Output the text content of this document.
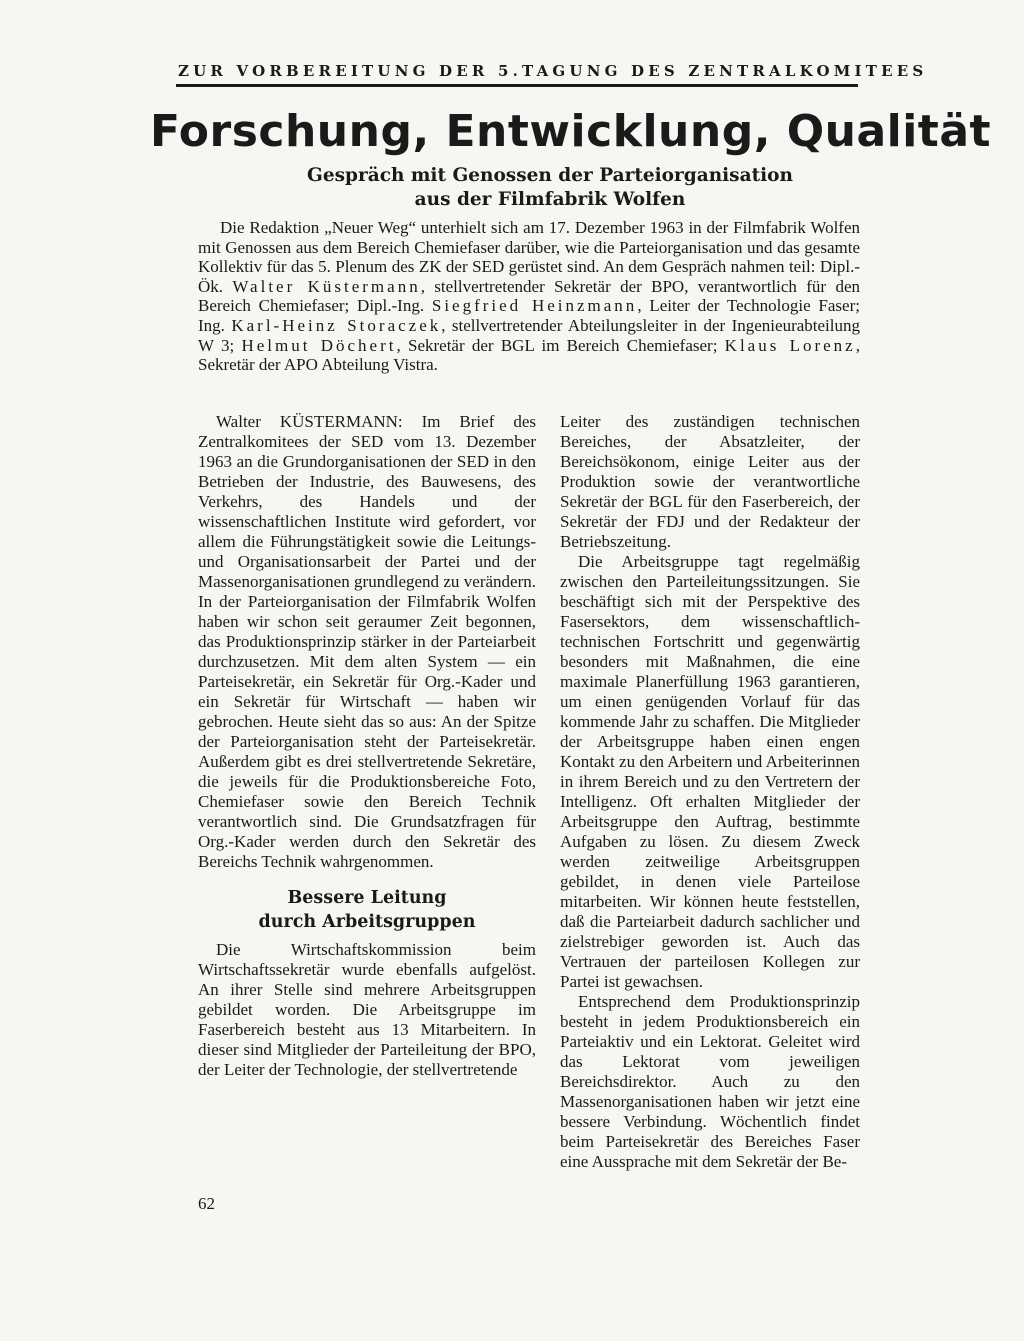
ZUR VORBEREITUNG DER 5.TAGUNG DES ZENTRALKOMITEES
Forschung, Entwicklung, Qualität
Gespräch mit Genossen der Parteiorganisation
aus der Filmfabrik Wolfen
Die Redaktion „Neuer Weg“ unterhielt sich am 17. Dezember 1963 in der Filmfabrik Wolfen mit Genossen aus dem Bereich Chemiefaser darüber, wie die Parteiorganisation und das gesamte Kollektiv für das 5. Plenum des ZK der SED gerüstet sind. An dem Gespräch nahmen teil: Dipl.-Ök. Walter Küstermann, stellvertretender Sekretär der BPO, verantwortlich für den Bereich Chemiefaser; Dipl.-Ing. Siegfried Heinzmann, Leiter der Technologie Faser; Ing. Karl-Heinz Storaczek, stellvertretender Abteilungsleiter in der Ingenieurabteilung W 3; Helmut Döchert, Sekretär der BGL im Bereich Chemiefaser; Klaus Lorenz, Sekretär der APO Abteilung Vistra.

Walter KÜSTERMANN: Im Brief des Zentralkomitees der SED vom 13. Dezember 1963 an die Grundorganisationen der SED in den Betrieben der Industrie, des Bauwesens, des Verkehrs, des Handels und der wissenschaftlichen Institute wird gefordert, vor allem die Führungstätigkeit sowie die Leitungs- und Organisationsarbeit der Partei und der Massenorganisationen grundlegend zu verändern. In der Parteiorganisation der Filmfabrik Wolfen haben wir schon seit geraumer Zeit begonnen, das Produktionsprinzip stärker in der Parteiarbeit durchzusetzen. Mit dem alten System — ein Parteisekretär, ein Sekretär für Org.-Kader und ein Sekretär für Wirtschaft — haben wir gebrochen. Heute sieht das so aus: An der Spitze der Parteiorganisation steht der Parteisekretär. Außerdem gibt es drei stellvertretende Sekretäre, die jeweils für die Produktionsbereiche Foto, Chemiefaser sowie den Bereich Technik verantwortlich sind. Die Grundsatzfragen für Org.-Kader werden durch den Sekretär des Bereichs Technik wahrgenommen.

Bessere Leitung
durch Arbeitsgruppen

Die Wirtschaftskommission beim Wirtschaftssekretär wurde ebenfalls aufgelöst. An ihrer Stelle sind mehrere Arbeitsgruppen gebildet worden. Die Arbeitsgruppe im Faserbereich besteht aus 13 Mitarbeitern. In dieser sind Mitglieder der Parteileitung der BPO, der Leiter der Technologie, der stellvertretende

Leiter des zuständigen technischen Bereiches, der Absatzleiter, der Bereichsökonom, einige Leiter aus der Produktion sowie der verantwortliche Sekretär der BGL für den Faserbereich, der Sekretär der FDJ und der Redakteur der Betriebszeitung.

Die Arbeitsgruppe tagt regelmäßig zwischen den Parteileitungssitzungen. Sie beschäftigt sich mit der Perspektive des Fasersektors, dem wissenschaftlich-technischen Fortschritt und gegenwärtig besonders mit Maßnahmen, die eine maximale Planerfüllung 1963 garantieren, um einen genügenden Vorlauf für das kommende Jahr zu schaffen. Die Mitglieder der Arbeitsgruppe haben einen engen Kontakt zu den Arbeitern und Arbeiterinnen in ihrem Bereich und zu den Vertretern der Intelligenz. Oft erhalten Mitglieder der Arbeitsgruppe den Auftrag, bestimmte Aufgaben zu lösen. Zu diesem Zweck werden zeitweilige Arbeitsgruppen gebildet, in denen viele Parteilose mitarbeiten. Wir können heute feststellen, daß die Parteiarbeit dadurch sachlicher und zielstrebiger geworden ist. Auch das Vertrauen der parteilosen Kollegen zur Partei ist gewachsen.

Entsprechend dem Produktionsprinzip besteht in jedem Produktionsbereich ein Parteiaktiv und ein Lektorat. Geleitet wird das Lektorat vom jeweiligen Bereichsdirektor. Auch zu den Massenorganisationen haben wir jetzt eine bessere Verbindung. Wöchentlich findet beim Parteisekretär des Bereiches Faser eine Aussprache mit dem Sekretär der Be-

62
